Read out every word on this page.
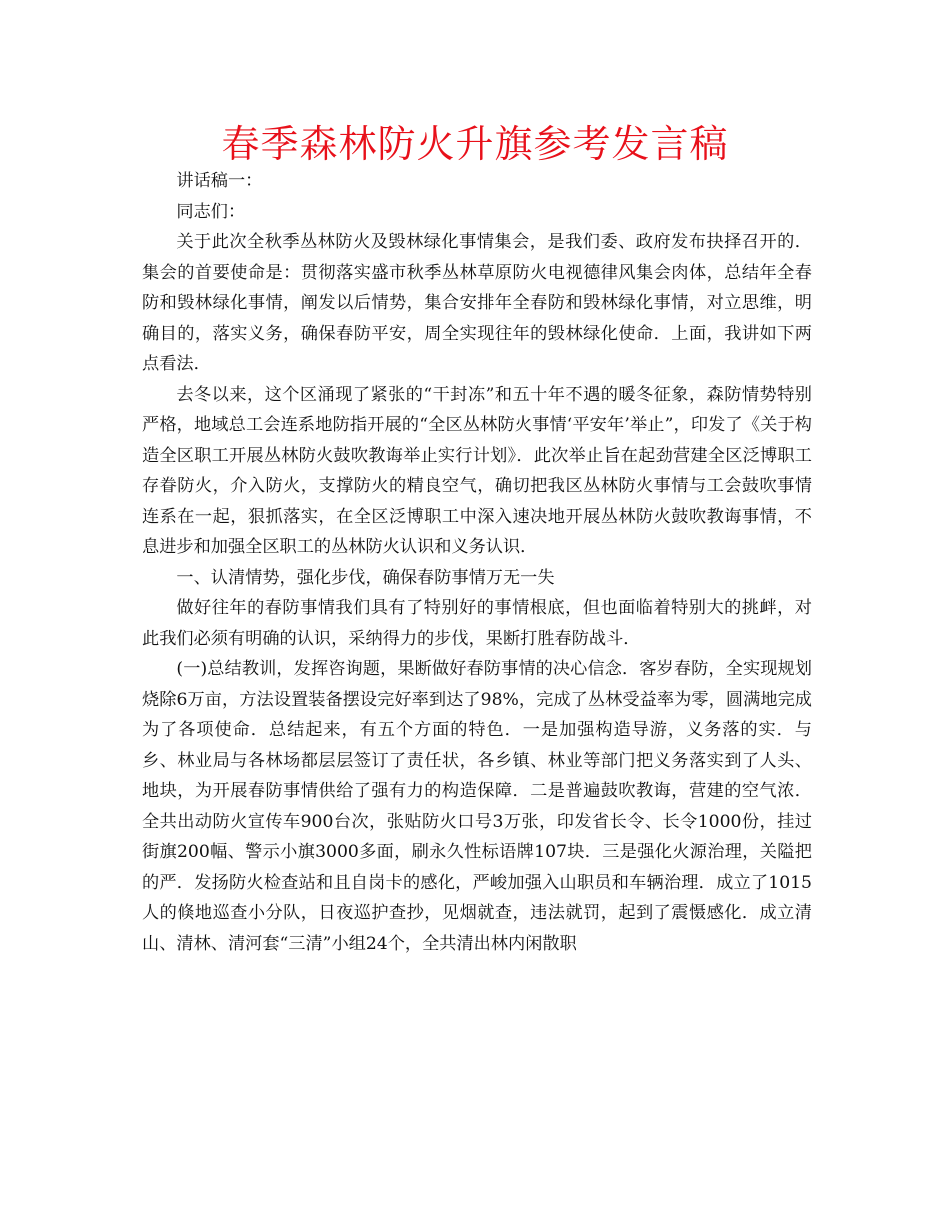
春季森林防火升旗参考发言稿

讲话稿一：

同志们：

关于此次全秋季丛林防火及毁林绿化事情集会，是我们委、政府发布抉择召开的．集会的首要使命是：贯彻落实盛市秋季丛林草原防火电视德律风集会肉体，总结年全春防和毁林绿化事情，阐发以后情势，集合安排年全春防和毁林绿化事情，对立思维，明确目的，落实义务，确保春防平安，周全实现往年的毁林绿化使命．上面，我讲如下两点看法．

去冬以来，这个区涌现了紧张的“干封冻”和五十年不遇的暖冬征象，森防情势特别严格，地域总工会连系地防指开展的“全区丛林防火事情‘平安年’举止”，印发了《关于构造全区职工开展丛林防火鼓吹教诲举止实行计划》．此次举止旨在起劲营建全区泛博职工存眷防火，介入防火，支撑防火的精良空气，确切把我区丛林防火事情与工会鼓吹事情连系在一起，狠抓落实，在全区泛博职工中深入速决地开展丛林防火鼓吹教诲事情，不息进步和加强全区职工的丛林防火认识和义务认识．

一、认清情势，强化步伐，确保春防事情万无一失

做好往年的春防事情我们具有了特别好的事情根底，但也面临着特别大的挑衅，对此我们必须有明确的认识，采纳得力的步伐，果断打胜春防战斗．

(一)总结教训，发挥咨询题，果断做好春防事情的决心信念．客岁春防，全实现规划烧除6万亩，方法设置装备摆设完好率到达了98%，完成了丛林受益率为零，圆满地完成为了各项使命．总结起来，有五个方面的特色．一是加强构造导游，义务落的实．与乡、林业局与各林场都层层签订了责任状，各乡镇、林业等部门把义务落实到了人头、地块，为开展春防事情供给了强有力的构造保障．二是普遍鼓吹教诲，营建的空气浓．全共出动防火宣传车900台次，张贴防火口号3万张，印发省长令、长令1000份，挂过街旗200幅、警示小旗3000多面，刷永久性标语牌107块．三是强化火源治理，关隘把的严．发扬防火检查站和且自岗卡的感化，严峻加强入山职员和车辆治理．成立了1015人的倏地巡查小分队，日夜巡护查抄，见烟就查，违法就罚，起到了震慑感化．成立清山、清林、清河套“三清”小组24个，全共清出林内闲散职
